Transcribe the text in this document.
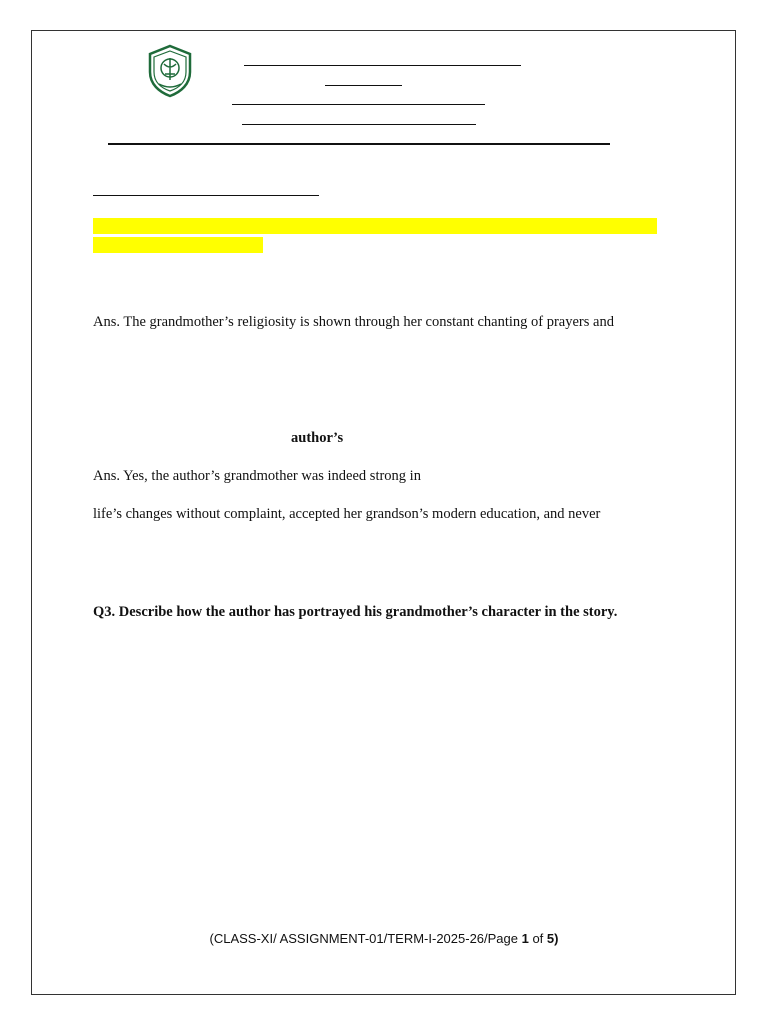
Ans. The grandmother’s religiosity is shown through her constant chanting of prayers and
author’s
Ans. Yes, the author’s grandmother was indeed strong in
life’s changes without complaint, accepted her grandson’s modern education, and never
Q3. Describe how the author has portrayed his grandmother’s character in the story.
(CLASS-XI/ ASSIGNMENT-01/TERM-I-2025-26/Page 1 of 5)
